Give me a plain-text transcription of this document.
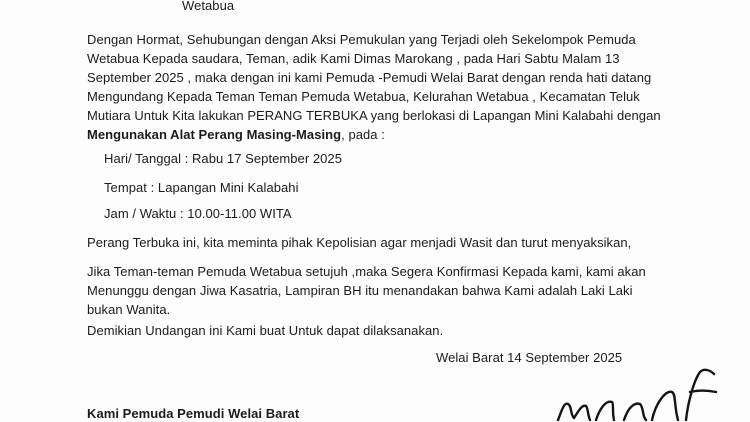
Wetabua
Dengan Hormat, Sehubungan dengan Aksi Pemukulan yang Terjadi oleh Sekelompok Pemuda
Wetabua Kepada saudara, Teman, adik Kami Dimas Marokang , pada Hari Sabtu Malam 13
September 2025 , maka dengan ini kami Pemuda -Pemudi Welai Barat dengan renda hati datang
Mengundang Kepada Teman Teman Pemuda Wetabua, Kelurahan Wetabua , Kecamatan Teluk
Mutiara Untuk Kita lakukan PERANG TERBUKA yang berlokasi di Lapangan Mini Kalabahi dengan
Mengunakan Alat Perang Masing-Masing, pada :
Hari/ Tanggal : Rabu 17 September 2025
Tempat : Lapangan Mini Kalabahi
Jam / Waktu : 10.00-11.00 WITA
Perang Terbuka ini, kita meminta pihak Kepolisian agar menjadi Wasit dan turut menyaksikan,
Jika Teman-teman Pemuda Wetabua setujuh ,maka Segera Konfirmasi Kepada kami, kami akan
Menunggu dengan Jiwa Kasatria, Lampiran BH itu menandakan bahwa Kami adalah Laki Laki
bukan Wanita.
Demikian Undangan ini Kami buat Untuk dapat dilaksanakan.
Welai Barat 14 September 2025
Kami Pemuda Pemudi Welai Barat
